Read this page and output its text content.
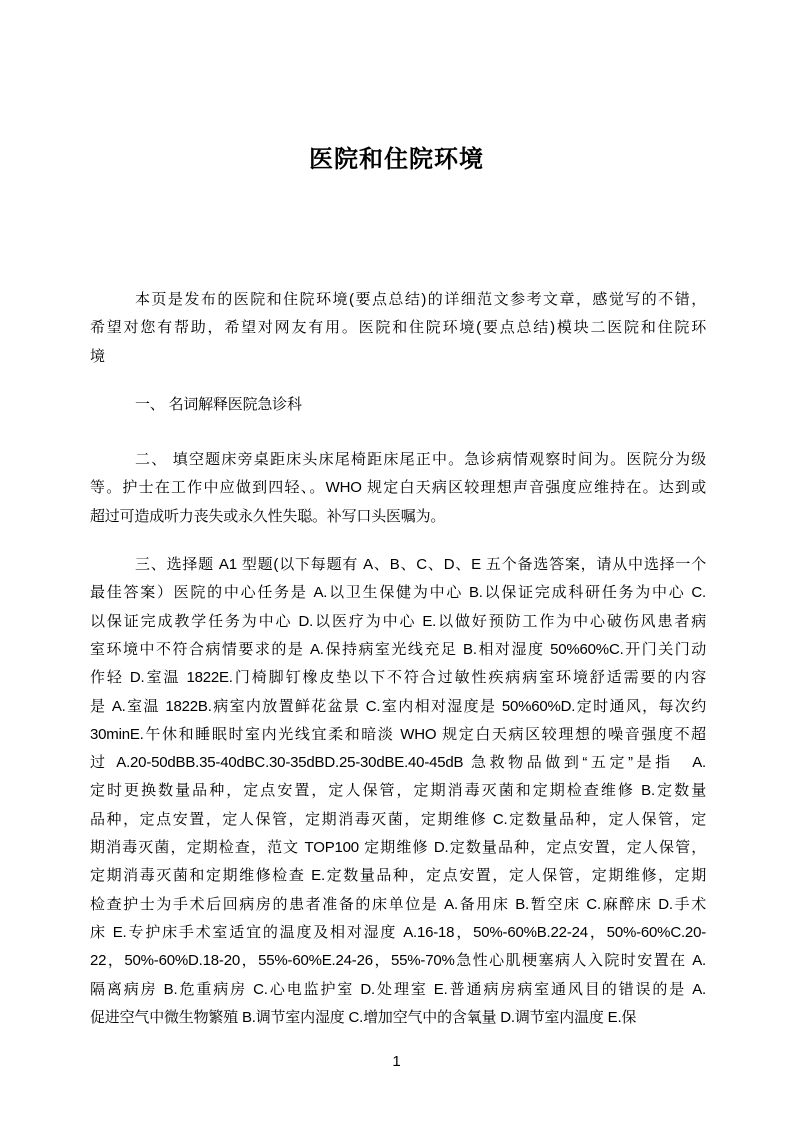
医院和住院环境
本页是发布的医院和住院环境(要点总结)的详细范文参考文章，感觉写的不错，
希望对您有帮助，希望对网友有用。医院和住院环境(要点总结)模块二医院和住院环
境
一、 名词解释医院急诊科
二、 填空题床旁桌距床头床尾椅距床尾正中。急诊病情观察时间为。医院分为级
等。护士在工作中应做到四轻、。WHO 规定白天病区较理想声音强度应维持在。达到或
超过可造成听力丧失或永久性失聪。补写口头医嘱为。
三、选择题 A1 型题(以下每题有 A、B、C、D、E 五个备选答案，请从中选择一个
最佳答案）医院的中心任务是 A.以卫生保健为中心 B.以保证完成科研任务为中心 C.
以保证完成教学任务为中心 D.以医疗为中心 E.以做好预防工作为中心破伤风患者病
室环境中不符合病情要求的是 A.保持病室光线充足 B.相对湿度 50%60%C.开门关门动
作轻 D.室温 1822E.门椅脚钉橡皮垫以下不符合过敏性疾病病室环境舒适需要的内容
是 A.室温 1822B.病室内放置鲜花盆景 C.室内相对湿度是 50%60%D.定时通风，每次约
30minE.午休和睡眠时室内光线宜柔和暗淡 WHO 规定白天病区较理想的噪音强度不超
过 A.20-50dBB.35-40dBC.30-35dBD.25-30dBE.40-45dB 急救物品做到“五定”是指　A.
定时更换数量品种，定点安置，定人保管，定期消毒灭菌和定期检查维修 B.定数量
品种，定点安置，定人保管，定期消毒灭菌，定期维修 C.定数量品种，定人保管，定
期消毒灭菌，定期检查，范文 TOP100 定期维修 D.定数量品种，定点安置，定人保管，
定期消毒灭菌和定期维修检查 E.定数量品种，定点安置，定人保管，定期维修，定期
检查护士为手术后回病房的患者准备的床单位是 A.备用床 B.暂空床 C.麻醉床 D.手术
床 E.专护床手术室适宜的温度及相对湿度 A.16-18，50%-60%B.22-24，50%-60%C.20-
22，50%-60%D.18-20，55%-60%E.24-26，55%-70%急性心肌梗塞病人入院时安置在 A.
隔离病房 B.危重病房 C.心电监护室 D.处理室 E.普通病房病室通风目的错误的是 A.
促进空气中微生物繁殖 B.调节室内湿度 C.增加空气中的含氧量 D.调节室内温度 E.保
1
